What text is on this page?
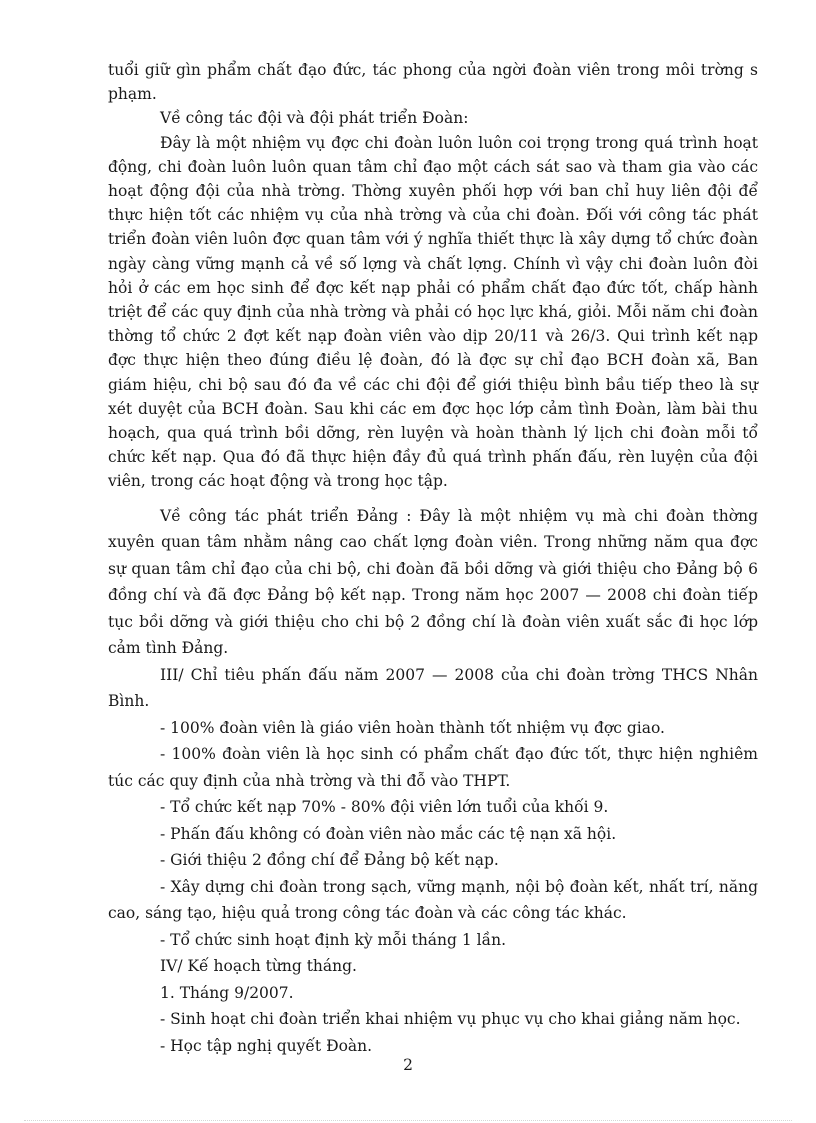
tuổi giữ gìn phẩm chất đạo đức, tác phong của ngời đoàn viên trong môi trờng s phạm.

Về công tác đội và đội phát triển Đoàn:

Đây là một nhiệm vụ đợc chi đoàn luôn luôn coi trọng trong quá trình hoạt động, chi đoàn luôn luôn quan tâm chỉ đạo một cách sát sao và tham gia vào các hoạt động đội của nhà trờng. Thờng xuyên phối hợp với ban chỉ huy liên đội để thực hiện tốt các nhiệm vụ của nhà trờng và của chi đoàn. Đối với công tác phát triển đoàn viên luôn đợc quan tâm với ý nghĩa thiết thực là xây dựng tổ chức đoàn ngày càng vững mạnh cả về số lợng và chất lợng. Chính vì vậy chi đoàn luôn đòi hỏi ở các em học sinh để đợc kết nạp phải có phẩm chất đạo đức tốt, chấp hành triệt để các quy định của nhà trờng và phải có học lực khá, giỏi. Mỗi năm chi đoàn thờng tổ chức 2 đợt kết nạp đoàn viên vào dịp 20/11 và 26/3. Qui trình kết nạp đợc thực hiện theo đúng điều lệ đoàn, đó là đợc sự chỉ đạo BCH đoàn xã, Ban giám hiệu, chi bộ sau đó đa về các chi đội để giới thiệu bình bầu tiếp theo là sự xét duyệt của BCH đoàn. Sau khi các em đợc học lớp cảm tình Đoàn, làm bài thu hoạch, qua quá trình bồi dỡng, rèn luyện và hoàn thành lý lịch chi đoàn mỗi tổ chức kết nạp. Qua đó đã thực hiện đầy đủ quá trình phấn đấu, rèn luyện của đội viên, trong các hoạt động và trong học tập.

Về công tác phát triển Đảng : Đây là một nhiệm vụ mà chi đoàn thờng xuyên quan tâm nhằm nâng cao chất lợng đoàn viên. Trong những năm qua đợc sự quan tâm chỉ đạo của chi bộ, chi đoàn đã bồi dỡng và giới thiệu cho Đảng bộ 6 đồng chí và đã đợc Đảng bộ kết nạp. Trong năm học 2007 — 2008 chi đoàn tiếp tục bồi dỡng và giới thiệu cho chi bộ 2 đồng chí là đoàn viên xuất sắc đi học lớp cảm tình Đảng.

III/ Chỉ tiêu phấn đấu năm 2007 — 2008 của chi đoàn trờng THCS Nhân Bình.

- 100% đoàn viên là giáo viên hoàn thành tốt nhiệm vụ đợc giao.

- 100% đoàn viên là học sinh có phẩm chất đạo đức tốt, thực hiện nghiêm túc các quy định của nhà trờng và thi đỗ vào THPT.

- Tổ chức kết nạp 70% - 80% đội viên lớn tuổi của khối 9.

- Phấn đấu không có đoàn viên nào mắc các tệ nạn xã hội.

- Giới thiệu 2 đồng chí để Đảng bộ kết nạp.

- Xây dựng chi đoàn trong sạch, vững mạnh, nội bộ đoàn kết, nhất trí, năng cao, sáng tạo, hiệu quả trong công tác đoàn và các công tác khác.

- Tổ chức sinh hoạt định kỳ mỗi tháng 1 lần.

IV/ Kế hoạch từng tháng.

1. Tháng 9/2007.

- Sinh hoạt chi đoàn triển khai nhiệm vụ phục vụ cho khai giảng năm học.

- Học tập nghị quyết Đoàn.

2
